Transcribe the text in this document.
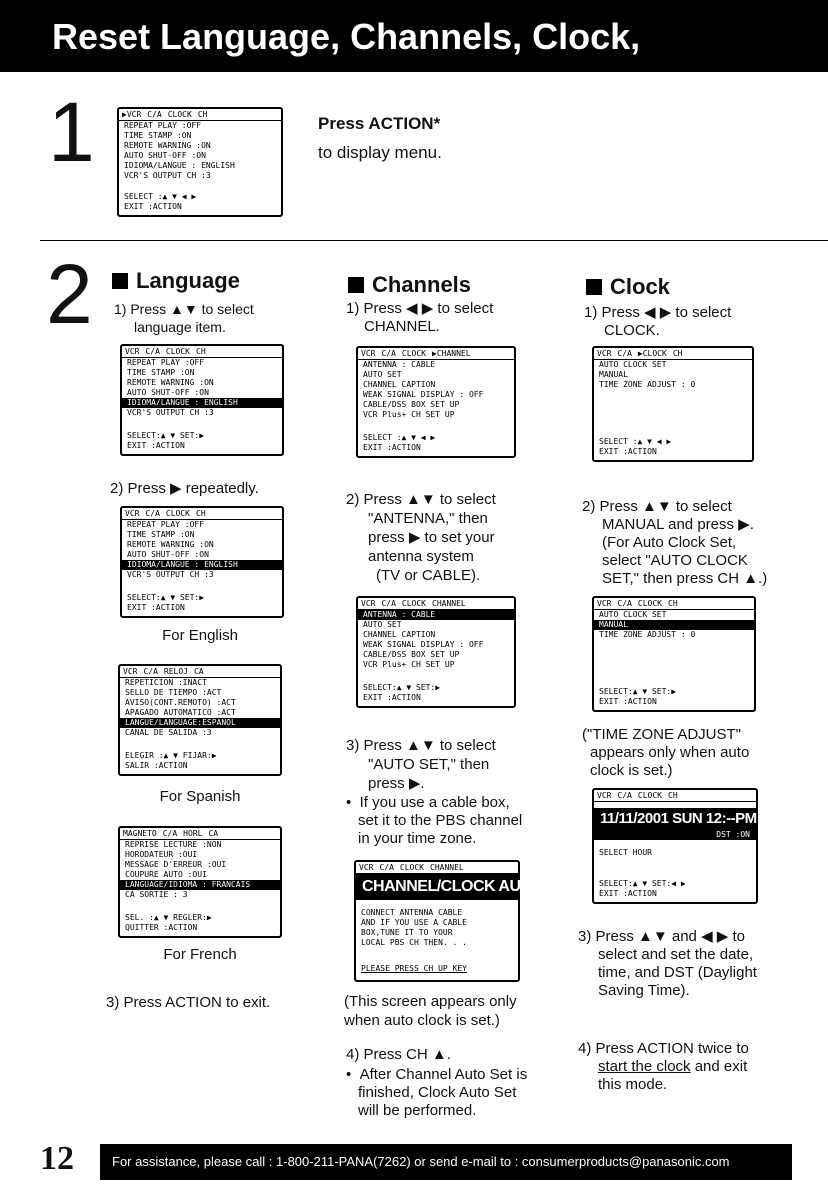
Reset Language, Channels, Clock,
1	▶VCR C/A CLOCK CH
REPEAT PLAY :OFF
TIME STAMP :ON
REMOTE WARNING :ON
AUTO SHUT-OFF :ON
IDIOMA/LANGUE : ENGLISH
VCR'S OUTPUT CH :3
SELECT :▲ ▼ ◀ ▶
EXIT :ACTION
Press ACTION*
to display menu.
2 Language
1) Press ▲▼ to select
language item.
VCR C/A CLOCK CH
REPEAT PLAY :OFF
TIME STAMP :ON
REMOTE WARNING :ON
AUTO SHUT-OFF :ON
IDIOMA/LANGUE : ENGLISH
VCR'S OUTPUT CH :3
SELECT:▲ ▼ SET:▶
EXIT :ACTION
2) Press ▶ repeatedly.
VCR C/A CLOCK CH
REPEAT PLAY :OFF
TIME STAMP :ON
REMOTE WARNING :ON
AUTO SHUT-OFF :ON
IDIOMA/LANGUE : ENGLISH
VCR'S OUTPUT CH :3
SELECT:▲ ▼ SET:▶
EXIT :ACTION
For English
VCR C/A RELOJ CA
REPETICION :INACT
SELLO DE TIEMPO :ACT
AVISO(CONT.REMOTO) :ACT
APAGADO AUTOMATICO :ACT
LANGUE/LANGUAGE:ESPANOL
CANAL DE SALIDA :3
ELEGIR :▲ ▼ FIJAR:▶
SALIR :ACTION
For Spanish
MAGNETO C/A HORL CA
REPRISE LECTURE :NON
HORODATEUR :OUI
MESSAGE D'ERREUR :OUI
COUPURE AUTO :OUI
LANGUAGE/IDIOMA : FRANCAIS
CA SORTIE : 3
SEL. :▲ ▼ REGLER:▶
QUITTER :ACTION
For French
3) Press ACTION to exit.
Channels
1) Press ◀ ▶ to select
CHANNEL.
VCR C/A CLOCK ▶CHANNEL
ANTENNA : CABLE
AUTO SET
CHANNEL CAPTION
WEAK SIGNAL DISPLAY : OFF
CABLE/DSS BOX SET UP
VCR Plus+ CH SET UP
SELECT :▲ ▼ ◀ ▶
EXIT :ACTION
2) Press ▲▼ to select
"ANTENNA," then
press ▶ to set your
antenna system
(TV or CABLE).
VCR C/A CLOCK CHANNEL
ANTENNA : CABLE
AUTO SET
CHANNEL CAPTION
WEAK SIGNAL DISPLAY : OFF
CABLE/DSS BOX SET UP
VCR Plus+ CH SET UP
SELECT:▲ ▼ SET:▶
EXIT :ACTION
3) Press ▲▼ to select
"AUTO SET," then
press ▶.
•  If you use a cable box,
set it to the PBS channel
in your time zone.
VCR C/A CLOCK CHANNEL
CHANNEL/CLOCK AUTO SET
CONNECT ANTENNA CABLE
AND IF YOU USE A CABLE
BOX,TUNE IT TO YOUR
LOCAL PBS CH THEN. . .
PLEASE PRESS CH UP KEY
(This screen appears only
when auto clock is set.)
4) Press CH ▲.
•  After Channel Auto Set is
finished, Clock Auto Set
will be performed.
Clock
1) Press ◀ ▶ to select
CLOCK.
VCR C/A ▶CLOCK CH
AUTO CLOCK SET
MANUAL
TIME ZONE ADJUST : 0
SELECT :▲ ▼ ◀ ▶
EXIT :ACTION
2) Press ▲▼ to select
MANUAL and press ▶.
(For Auto Clock Set,
select "AUTO CLOCK
SET," then press CH ▲.)
VCR C/A CLOCK CH
AUTO CLOCK SET
MANUAL
TIME ZONE ADJUST : 0
SELECT:▲ ▼ SET:▶
EXIT :ACTION
("TIME ZONE ADJUST"
appears only when auto
clock is set.)
VCR C/A CLOCK CH
11/11/2001 SUN 12:--PM
DST :ON
SELECT HOUR
SELECT:▲ ▼ SET:◀ ▶
EXIT :ACTION
3) Press ▲▼ and ◀ ▶ to
select and set the date,
time, and DST (Daylight
Saving Time).
4) Press ACTION twice to
start the clock and exit
this mode.
12	For assistance, please call : 1-800-211-PANA(7262) or send e-mail to : consumerproducts@panasonic.com
